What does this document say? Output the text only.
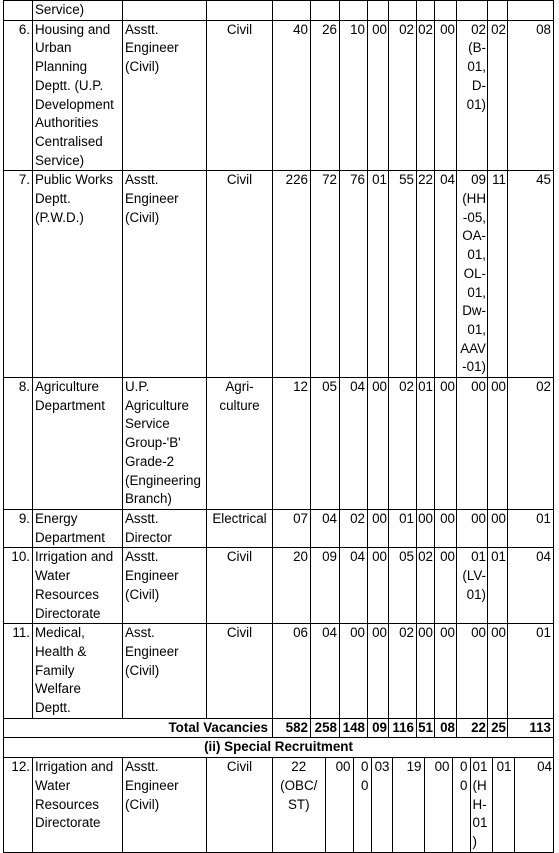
	Service)												
6.	Housing and Urban Planning Deptt. (U.P. Development Authorities Centralised Service)	Asstt. Engineer (Civil)	Civil	40	26	10	00	02	02	00	02 (B-01, D-01)	02	08
7.	Public Works Deptt. (P.W.D.)	Asstt. Engineer (Civil)	Civil	226	72	76	01	55	22	04	09 (HH-05, OA-01, OL-01, Dw-01, AAV -01)	11	45
8.	Agriculture Department	U.P. Agriculture Service Group-'B' Grade-2 (Engineering Branch)	Agri-culture	12	05	04	00	02	01	00	00	00	02
9.	Energy Department	Asstt. Director	Electrical	07	04	02	00	01	00	00	00	00	01
10.	Irrigation and Water Resources Directorate	Asstt. Engineer (Civil)	Civil	20	09	04	00	05	02	00	01 (LV-01)	01	04
11.	Medical, Health & Family Welfare Deptt.	Asst. Engineer (Civil)	Civil	06	04	00	00	02	00	00	00	00	01
Total Vacancies	582	258	148	09	116	51	08	22	25	113
(ii) Special Recruitment
12.	Irrigation and Water Resources Directorate	Asstt. Engineer (Civil)	Civil		22 (OBC/ ST)	00	00	03	19	00	00	01 (H H-01)	01	04
